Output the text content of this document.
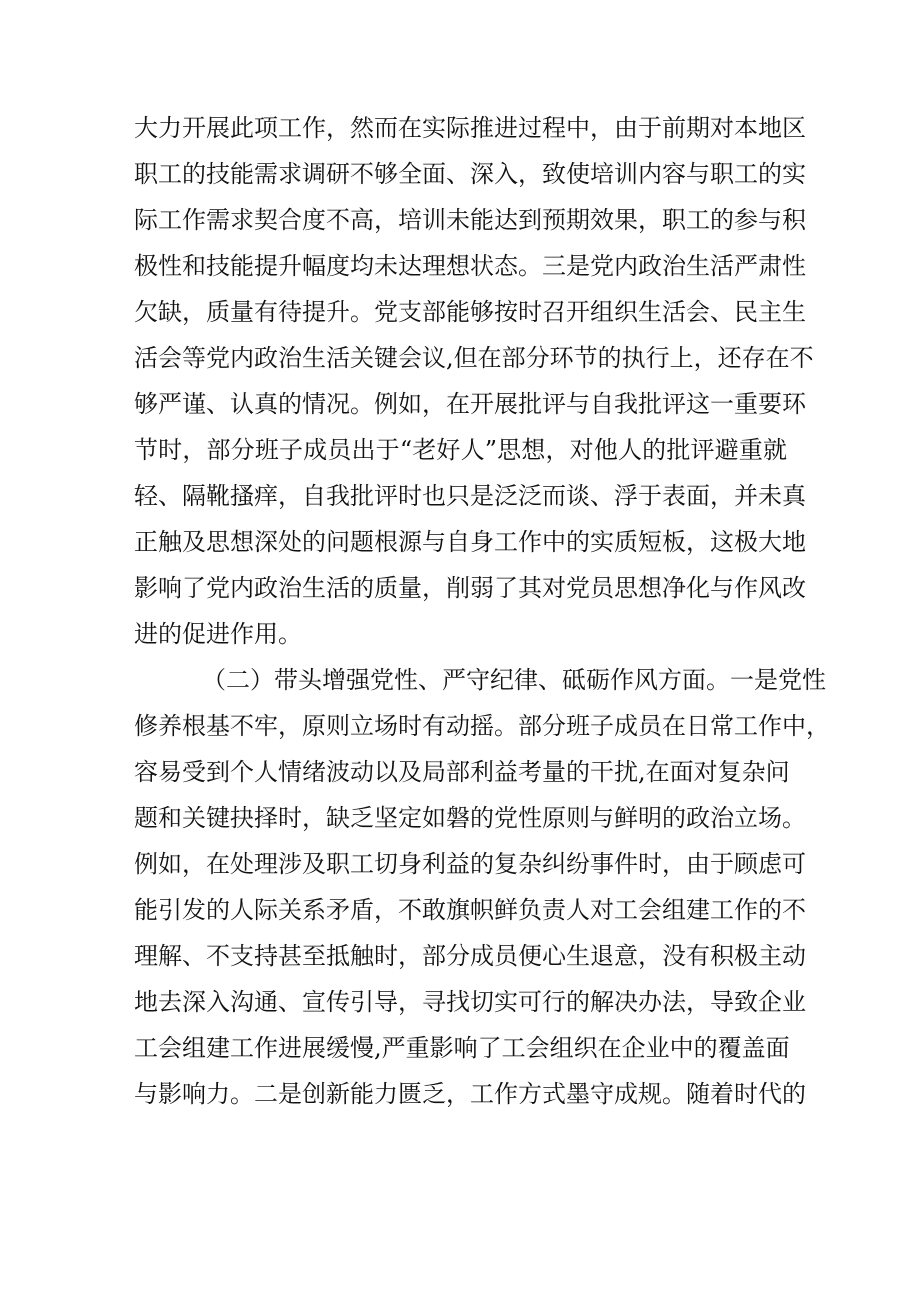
大力开展此项工作，然而在实际推进过程中，由于前期对本地区
职工的技能需求调研不够全面、深入，致使培训内容与职工的实
际工作需求契合度不高，培训未能达到预期效果，职工的参与积
极性和技能提升幅度均未达理想状态。三是党内政治生活严肃性
欠缺，质量有待提升。党支部能够按时召开组织生活会、民主生
活会等党内政治生活关键会议,但在部分环节的执行上，还存在不
够严谨、认真的情况。例如，在开展批评与自我批评这一重要环
节时，部分班子成员出于“老好人”思想，对他人的批评避重就
轻、隔靴搔痒，自我批评时也只是泛泛而谈、浮于表面，并未真
正触及思想深处的问题根源与自身工作中的实质短板，这极大地
影响了党内政治生活的质量，削弱了其对党员思想净化与作风改
进的促进作用。
（二）带头增强党性、严守纪律、砥砺作风方面。一是党性
修养根基不牢，原则立场时有动摇。部分班子成员在日常工作中，
容易受到个人情绪波动以及局部利益考量的干扰,在面对复杂问
题和关键抉择时，缺乏坚定如磐的党性原则与鲜明的政治立场。
例如，在处理涉及职工切身利益的复杂纠纷事件时，由于顾虑可
能引发的人际关系矛盾，不敢旗帜鲜负责人对工会组建工作的不
理解、不支持甚至抵触时，部分成员便心生退意，没有积极主动
地去深入沟通、宣传引导，寻找切实可行的解决办法，导致企业
工会组建工作进展缓慢,严重影响了工会组织在企业中的覆盖面
与影响力。二是创新能力匮乏，工作方式墨守成规。随着时代的
